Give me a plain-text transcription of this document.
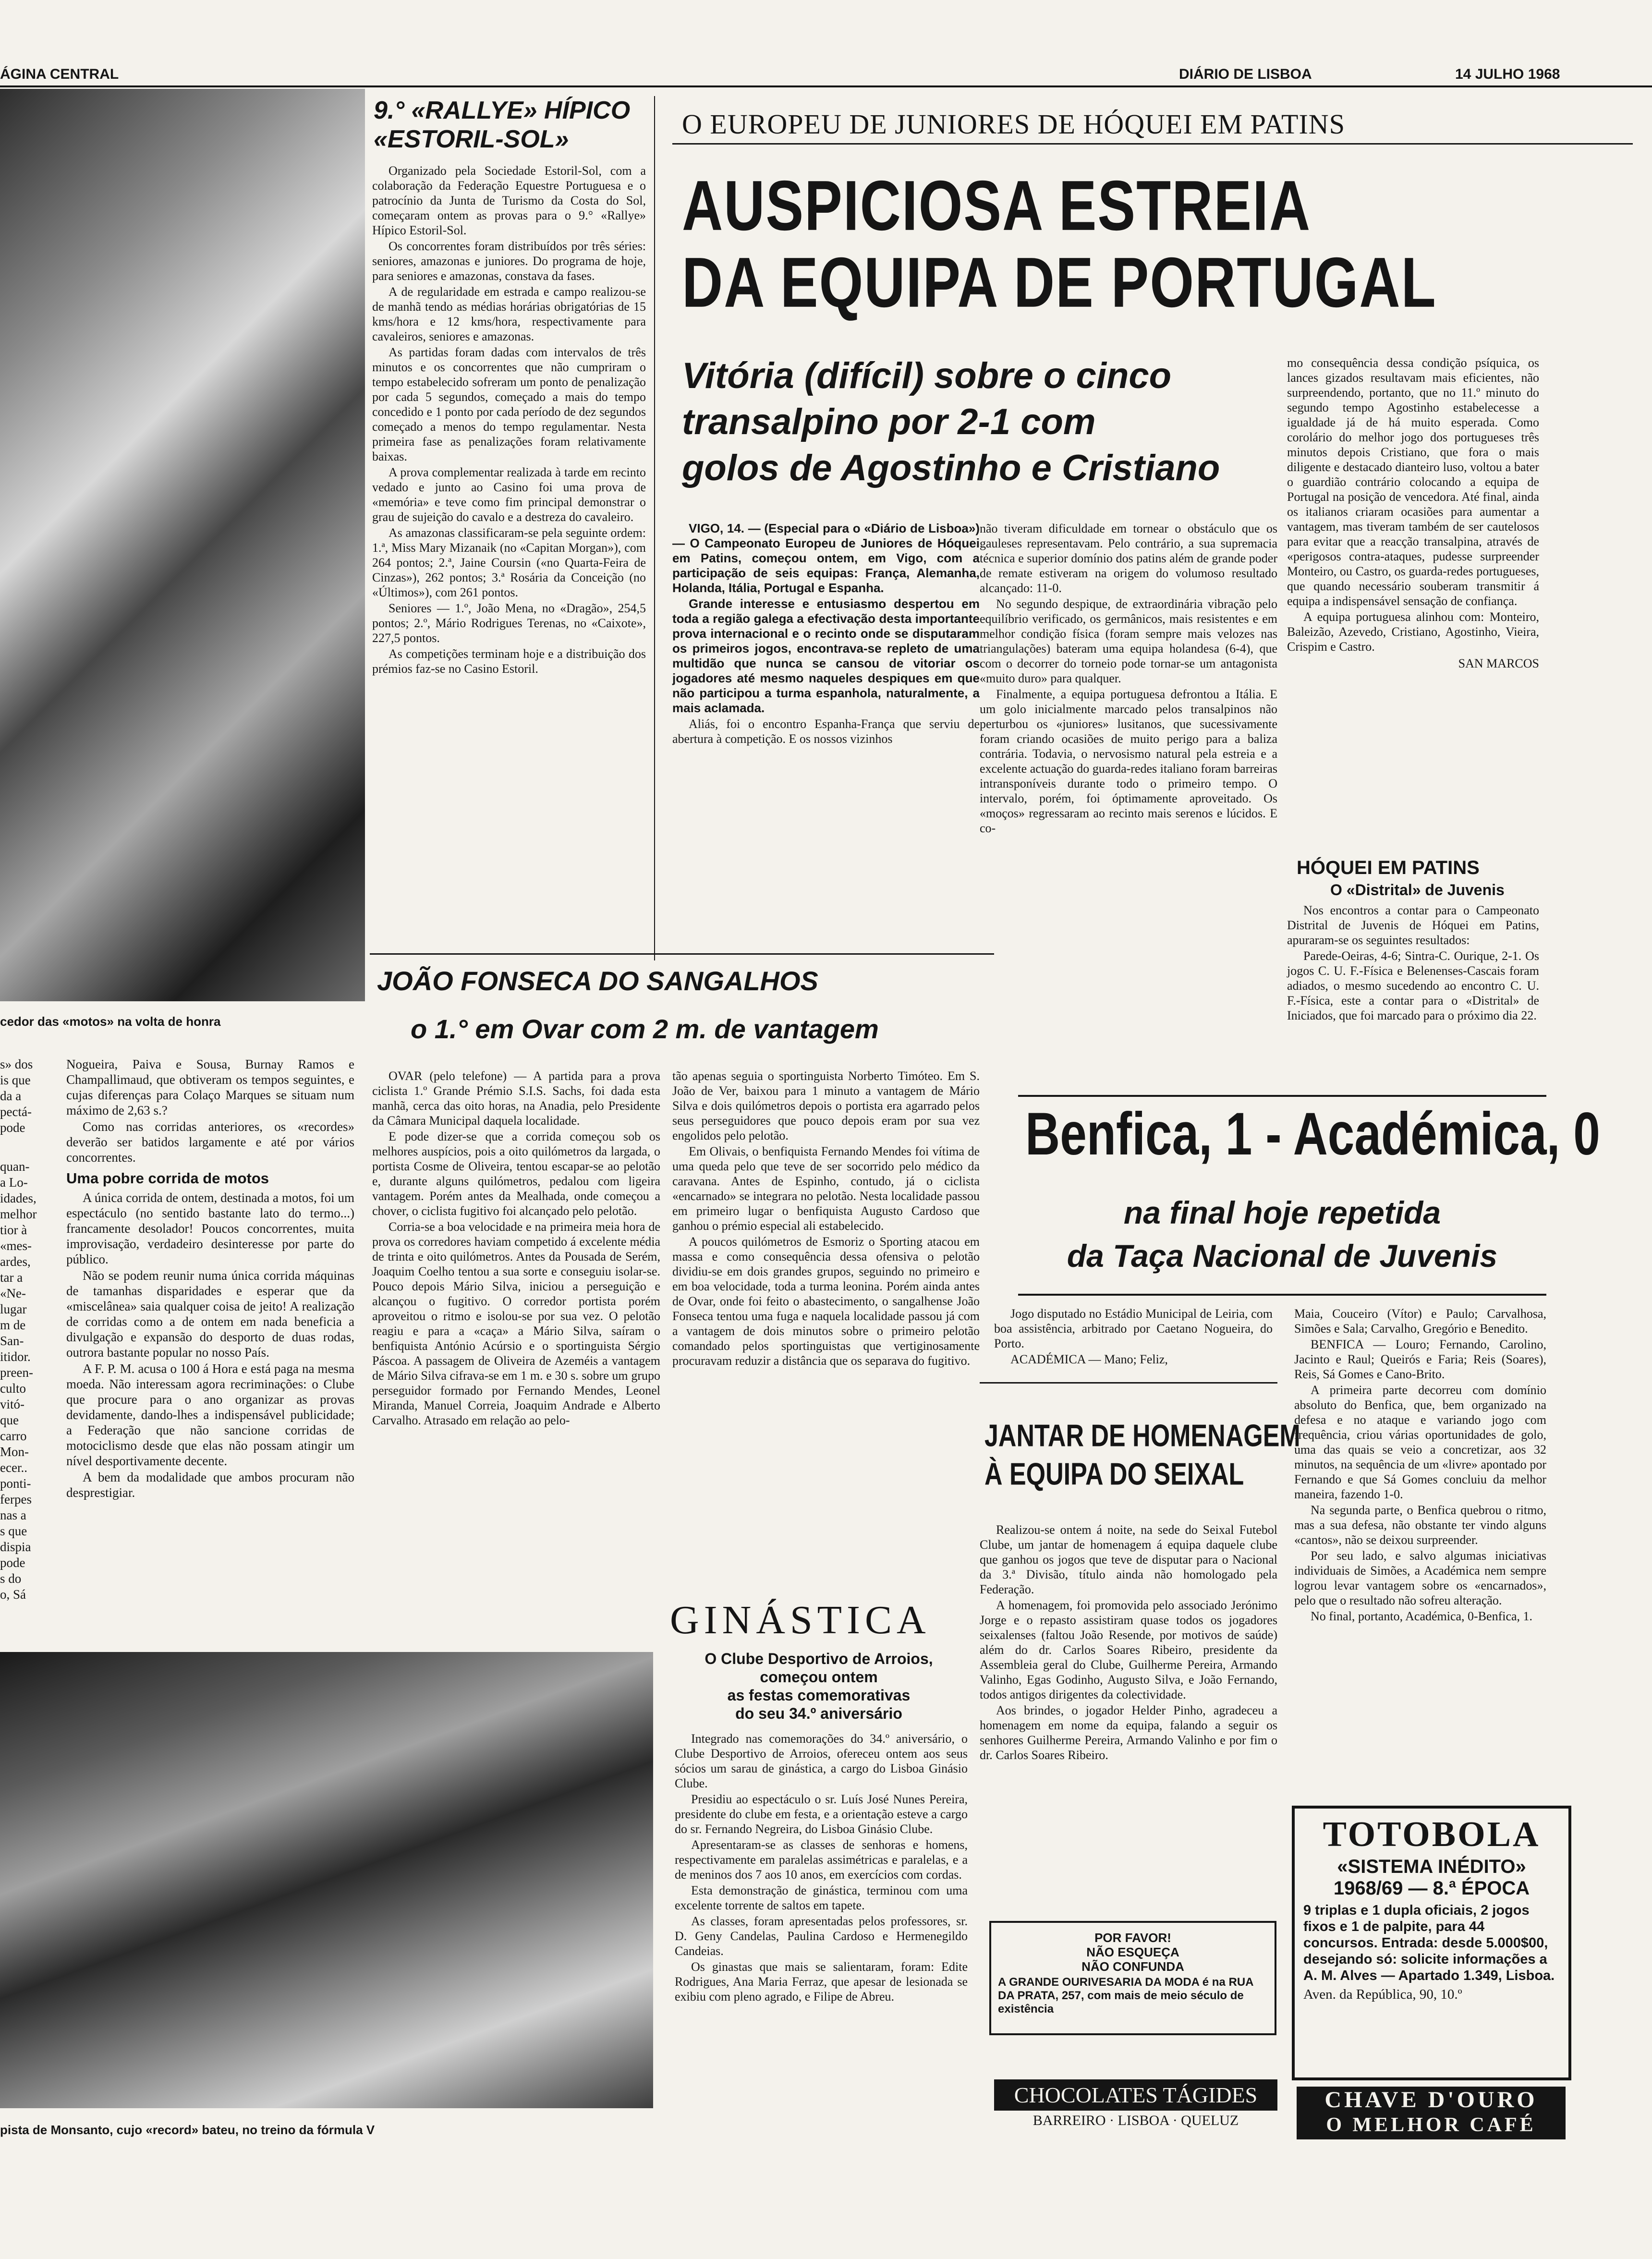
ÁGINA CENTRAL	DIÁRIO DE LISBOA	14 JULHO 1968
cedor das «motos» na volta de honra
s» dos
is que
da a
pectá-
pode
quan-
a Lo-
idades,
melhor
tior à
«mes-
ardes,
tar a
«Ne-
lugar
m de
San-
itidor.
preen-
culto
vitó-
que
carro
Mon-
ecer..
ponti-
ferpes
nas a
s que
dispia
pode
s do
o, Sá

Nogueira, Paiva e Sousa, Burnay Ramos e Champallimaud, que obtiveram os tempos seguintes, e cujas diferenças para Colaço Marques se situam num máximo de 2,63 s.?

Como nas corridas anteriores, os «recordes» deverão ser batidos largamente e até por vários concorrentes.

Uma pobre corrida de motos

A única corrida de ontem, destinada a motos, foi um espectáculo (no sentido bastante lato do termo...) francamente desolador! Poucos concorrentes, muita improvisação, verdadeiro desinteresse por parte do público.

Não se podem reunir numa única corrida máquinas de tamanhas disparidades e esperar que da «miscelânea» saia qualquer coisa de jeito! A realização de corridas como a de ontem em nada beneficia a divulgação e expansão do desporto de duas rodas, outrora bastante popular no nosso País.

A F. P. M. acusa o 100 á Hora e está paga na mesma moeda. Não interessam agora recriminações: o Clube que procure para o ano organizar as provas devidamente, dando-lhes a indispensável publicidade; a Federação que não sancione corridas de motociclismo desde que elas não possam atingir um nível desportivamente decente.

A bem da modalidade que ambos procuram não desprestigiar.

pista de Monsanto, cujo «record» bateu, no treino da fórmula V
9.° «RALLYE» HÍPICO
«ESTORIL-SOL»

Organizado pela Sociedade Estoril-Sol, com a colaboração da Federação Equestre Portuguesa e o patrocínio da Junta de Turismo da Costa do Sol, começaram ontem as provas para o 9.° «Rallye» Hípico Estoril-Sol.

Os concorrentes foram distribuídos por três séries: seniores, amazonas e juniores. Do programa de hoje, para seniores e amazonas, constava da fases.

A de regularidade em estrada e campo realizou-se de manhã tendo as médias horárias obrigatórias de 15 kms/hora e 12 kms/hora, respectivamente para cavaleiros, seniores e amazonas.

As partidas foram dadas com intervalos de três minutos e os concorrentes que não cumpriram o tempo estabelecido sofreram um ponto de penalização por cada 5 segundos, começado a mais do tempo concedido e 1 ponto por cada período de dez segundos começado a menos do tempo regulamentar. Nesta primeira fase as penalizações foram relativamente baixas.

A prova complementar realizada à tarde em recinto vedado e junto ao Casino foi uma prova de «memória» e teve como fim principal demonstrar o grau de sujeição do cavalo e a destreza do cavaleiro.

As amazonas classificaram-se pela seguinte ordem: 1.ª, Miss Mary Mizanaik (no «Capitan Morgan»), com 264 pontos; 2.ª, Jaine Coursin («no Quarta-Feira de Cinzas»), 262 pontos; 3.ª Rosária da Conceição (no «Últimos»), com 261 pontos.

Seniores — 1.º, João Mena, no «Dragão», 254,5 pontos; 2.º, Mário Rodrigues Terenas, no «Caixote», 227,5 pontos.

As competições terminam hoje e a distribuição dos prémios faz-se no Casino Estoril.

O EUROPEU DE JUNIORES DE HÓQUEI EM PATINS
AUSPICIOSA ESTREIA
DA EQUIPA DE PORTUGAL
Vitória (difícil) sobre o cinco
transalpino por 2-1 com
golos de Agostinho e Cristiano

VIGO, 14. — (Especial para o «Diário de Lisboa») — O Campeonato Europeu de Juniores de Hóquei em Patins, começou ontem, em Vigo, com a participação de seis equipas: França, Alemanha, Holanda, Itália, Portugal e Espanha.

Grande interesse e entusiasmo despertou em toda a região galega a efectivação desta importante prova internacional e o recinto onde se disputaram os primeiros jogos, encontrava-se repleto de uma multidão que nunca se cansou de vitoriar os jogadores até mesmo naqueles despiques em que não participou a turma espanhola, naturalmente, a mais aclamada.

Aliás, foi o encontro Espanha-França que serviu de abertura à competição. E os nossos vizinhos

não tiveram dificuldade em tornear o obstáculo que os gauleses representavam. Pelo contrário, a sua supremacia técnica e superior domínio dos patins além de grande poder de remate estiveram na origem do volumoso resultado alcançado: 11-0.

No segundo despique, de extraordinária vibração pelo equilíbrio verificado, os germânicos, mais resistentes e em melhor condição física (foram sempre mais velozes nas triangulações) bateram uma equipa holandesa (6-4), que com o decorrer do torneio pode tornar-se um antagonista «muito duro» para qualquer.

Finalmente, a equipa portuguesa defrontou a Itália. E um golo inicialmente marcado pelos transalpinos não perturbou os «juniores» lusitanos, que sucessivamente foram criando ocasiões de muito perigo para a baliza contrária. Todavia, o nervosismo natural pela estreia e a excelente actuação do guarda-redes italiano foram barreiras intransponíveis durante todo o primeiro tempo. O intervalo, porém, foi óptimamente aproveitado. Os «moços» regressaram ao recinto mais serenos e lúcidos. E co-

mo consequência dessa condição psíquica, os lances gizados resultavam mais eficientes, não surpreendendo, portanto, que no 11.º minuto do segundo tempo Agostinho estabelecesse a igualdade já de há muito esperada. Como corolário do melhor jogo dos portugueses três minutos depois Cristiano, que fora o mais diligente e destacado dianteiro luso, voltou a bater o guardião contrário colocando a equipa de Portugal na posição de vencedora. Até final, ainda os italianos criaram ocasiões para aumentar a vantagem, mas tiveram também de ser cautelosos para evitar que a reacção transalpina, através de «perigosos contra-ataques, pudesse surpreender Monteiro, ou Castro, os guarda-redes portugueses, que quando necessário souberam transmitir á equipa a indispensável sensação de confiança.

A equipa portuguesa alinhou com: Monteiro, Baleizão, Azevedo, Cristiano, Agostinho, Vieira, Crispim e Castro.

SAN MARCOS
HÓQUEI EM PATINS
O «Distrital» de Juvenis

Nos encontros a contar para o Campeonato Distrital de Juvenis de Hóquei em Patins, apuraram-se os seguintes resultados:

Parede-Oeiras, 4-6; Sintra-C. Ourique, 2-1. Os jogos C. U. F.-Física e Belenenses-Cascais foram adiados, o mesmo sucedendo ao encontro C. U. F.-Física, este a contar para o «Distrital» de Iniciados, que foi marcado para o próximo dia 22.

JOÃO FONSECA DO SANGALHOS
o 1.° em Ovar com 2 m. de vantagem

OVAR (pelo telefone) — A partida para a prova ciclista 1.º Grande Prémio S.I.S. Sachs, foi dada esta manhã, cerca das oito horas, na Anadia, pelo Presidente da Câmara Municipal daquela localidade.

E pode dizer-se que a corrida começou sob os melhores auspícios, pois a oito quilómetros da largada, o portista Cosme de Oliveira, tentou escapar-se ao pelotão e, durante alguns quilómetros, pedalou com ligeira vantagem. Porém antes da Mealhada, onde começou a chover, o ciclista fugitivo foi alcançado pelo pelotão.

Corria-se a boa velocidade e na primeira meia hora de prova os corredores haviam competido á excelente média de trinta e oito quilómetros. Antes da Pousada de Serém, Joaquim Coelho tentou a sua sorte e conseguiu isolar-se. Pouco depois Mário Silva, iniciou a perseguição e alcançou o fugitivo. O corredor portista porém aproveitou o ritmo e isolou-se por sua vez. O pelotão reagiu e para a «caça» a Mário Silva, saíram o benfiquista António Acúrsio e o sportinguista Sérgio Páscoa. A passagem de Oliveira de Azeméis a vantagem de Mário Silva cifrava-se em 1 m. e 30 s. sobre um grupo perseguidor formado por Fernando Mendes, Leonel Miranda, Manuel Correia, Joaquim Andrade e Alberto Carvalho. Atrasado em relação ao pelo-

tão apenas seguia o sportinguista Norberto Timóteo. Em S. João de Ver, baixou para 1 minuto a vantagem de Mário Silva e dois quilómetros depois o portista era agarrado pelos seus perseguidores que pouco depois eram por sua vez engolidos pelo pelotão.

Em Olivais, o benfiquista Fernando Mendes foi vítima de uma queda pelo que teve de ser socorrido pelo médico da caravana. Antes de Espinho, contudo, já o ciclista «encarnado» se integrara no pelotão. Nesta localidade passou em primeiro lugar o benfiquista Augusto Cardoso que ganhou o prémio especial ali estabelecido.

A poucos quilómetros de Esmoriz o Sporting atacou em massa e como consequência dessa ofensiva o pelotão dividiu-se em dois grandes grupos, seguindo no primeiro e em boa velocidade, toda a turma leonina. Porém ainda antes de Ovar, onde foi feito o abastecimento, o sangalhense João Fonseca tentou uma fuga e naquela localidade passou já com a vantagem de dois minutos sobre o primeiro pelotão comandado pelos sportinguistas que vertiginosamente procuravam reduzir a distância que os separava do fugitivo.

Benfica, 1 - Académica, 0
na final hoje repetida
da Taça Nacional de Juvenis

Jogo disputado no Estádio Municipal de Leiria, com boa assistência, arbitrado por Caetano Nogueira, do Porto.

ACADÉMICA — Mano; Feliz,

Maia, Couceiro (Vítor) e Paulo; Carvalhosa, Simões e Sala; Carvalho, Gregório e Benedito.

BENFICA — Louro; Fernando, Carolino, Jacinto e Raul; Queirós e Faria; Reis (Soares), Reis, Sá Gomes e Cano-Brito.

A primeira parte decorreu com domínio absoluto do Benfica, que, bem organizado na defesa e no ataque e variando jogo com frequência, criou várias oportunidades de golo, uma das quais se veio a concretizar, aos 32 minutos, na sequência de um «livre» apontado por Fernando e que Sá Gomes concluiu da melhor maneira, fazendo 1-0.

Na segunda parte, o Benfica quebrou o ritmo, mas a sua defesa, não obstante ter vindo alguns «cantos», não se deixou surpreender.

Por seu lado, e salvo algumas iniciativas individuais de Simões, a Académica nem sempre logrou levar vantagem sobre os «encarnados», pelo que o resultado não sofreu alteração.

No final, portanto, Académica, 0-Benfica, 1.

JANTAR DE HOMENAGEM
À EQUIPA DO SEIXAL

Realizou-se ontem á noite, na sede do Seixal Futebol Clube, um jantar de homenagem á equipa daquele clube que ganhou os jogos que teve de disputar para o Nacional da 3.ª Divisão, título ainda não homologado pela Federação.

A homenagem, foi promovida pelo associado Jerónimo Jorge e o repasto assistiram quase todos os jogadores seixalenses (faltou João Resende, por motivos de saúde) além do dr. Carlos Soares Ribeiro, presidente da Assembleia geral do Clube, Guilherme Pereira, Armando Valinho, Egas Godinho, Augusto Silva, e João Fernando, todos antigos dirigentes da colectividade.

Aos brindes, o jogador Helder Pinho, agradeceu a homenagem em nome da equipa, falando a seguir os senhores Guilherme Pereira, Armando Valinho e por fim o dr. Carlos Soares Ribeiro.

GINÁSTICA
O Clube Desportivo de Arroios,
começou ontem
as festas comemorativas
do seu 34.º aniversário

Integrado nas comemorações do 34.º aniversário, o Clube Desportivo de Arroios, ofereceu ontem aos seus sócios um sarau de ginástica, a cargo do Lisboa Ginásio Clube.

Presidiu ao espectáculo o sr. Luís José Nunes Pereira, presidente do clube em festa, e a orientação esteve a cargo do sr. Fernando Negreira, do Lisboa Ginásio Clube.

Apresentaram-se as classes de senhoras e homens, respectivamente em paralelas assimétricas e paralelas, e a de meninos dos 7 aos 10 anos, em exercícios com cordas.

Esta demonstração de ginástica, terminou com uma excelente torrente de saltos em tapete.

As classes, foram apresentadas pelos professores, sr. D. Geny Candelas, Paulina Cardoso e Hermenegildo Candeias.

Os ginastas que mais se salientaram, foram: Edite Rodrigues, Ana Maria Ferraz, que apesar de lesionada se exibiu com pleno agrado, e Filipe de Abreu.

POR FAVOR!
NÃO ESQUEÇA
NÃO CONFUNDA
A GRANDE OURIVESARIA DA MODA é na RUA DA PRATA, 257, com mais de meio século de existência
CHOCOLATES TÁGIDES
BARREIRO · LISBOA · QUELUZ
TOTOBOLA
«SISTEMA INÉDITO»
1968/69 — 8.ª ÉPOCA
9 triplas e 1 dupla oficiais, 2 jogos fixos e 1 de palpite, para 44 concursos. Entrada: desde 5.000$00, desejando só: solicite informações a A. M. Alves — Apartado 1.349, Lisboa.
Aven. da República, 90, 10.º
CHAVE D'OURO
O MELHOR CAFÉ
